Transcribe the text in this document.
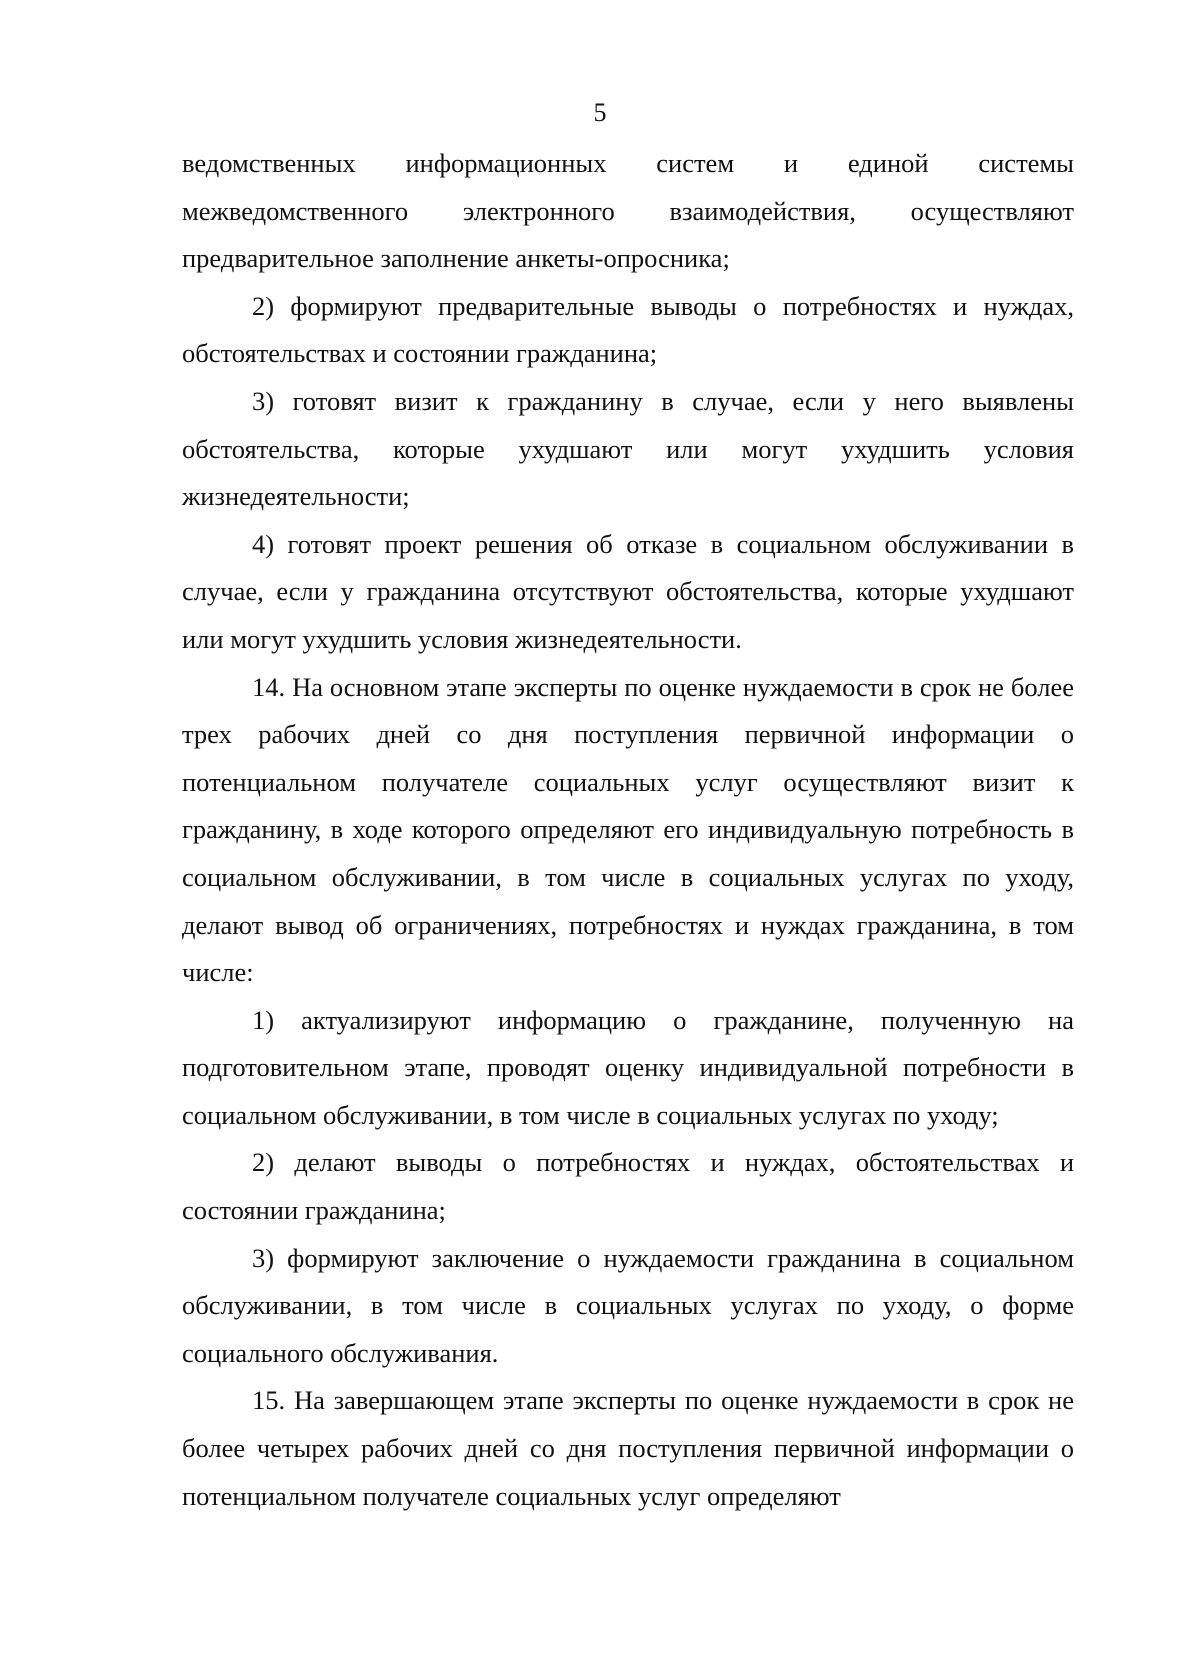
5

ведомственных информационных систем и единой системы межведомственного электронного взаимодействия, осуществляют предварительное заполнение анкеты-опросника;

2) формируют предварительные выводы о потребностях и нуждах, обстоятельствах и состоянии гражданина;

3) готовят визит к гражданину в случае, если у него выявлены обстоятельства, которые ухудшают или могут ухудшить условия жизнедеятельности;

4) готовят проект решения об отказе в социальном обслуживании в случае, если у гражданина отсутствуют обстоятельства, которые ухудшают или могут ухудшить условия жизнедеятельности.

14. На основном этапе эксперты по оценке нуждаемости в срок не более трех рабочих дней со дня поступления первичной информации о потенциальном получателе социальных услуг осуществляют визит к гражданину, в ходе которого определяют его индивидуальную потребность в социальном обслуживании, в том числе в социальных услугах по уходу, делают вывод об ограничениях, потребностях и нуждах гражданина, в том числе:

1) актуализируют информацию о гражданине, полученную на подготовительном этапе, проводят оценку индивидуальной потребности в социальном обслуживании, в том числе в социальных услугах по уходу;

2) делают выводы о потребностях и нуждах, обстоятельствах и состоянии гражданина;

3) формируют заключение о нуждаемости гражданина в социальном обслуживании, в том числе в социальных услугах по уходу, о форме социального обслуживания.

15. На завершающем этапе эксперты по оценке нуждаемости в срок не более четырех рабочих дней со дня поступления первичной информации о потенциальном получателе социальных услуг определяют
